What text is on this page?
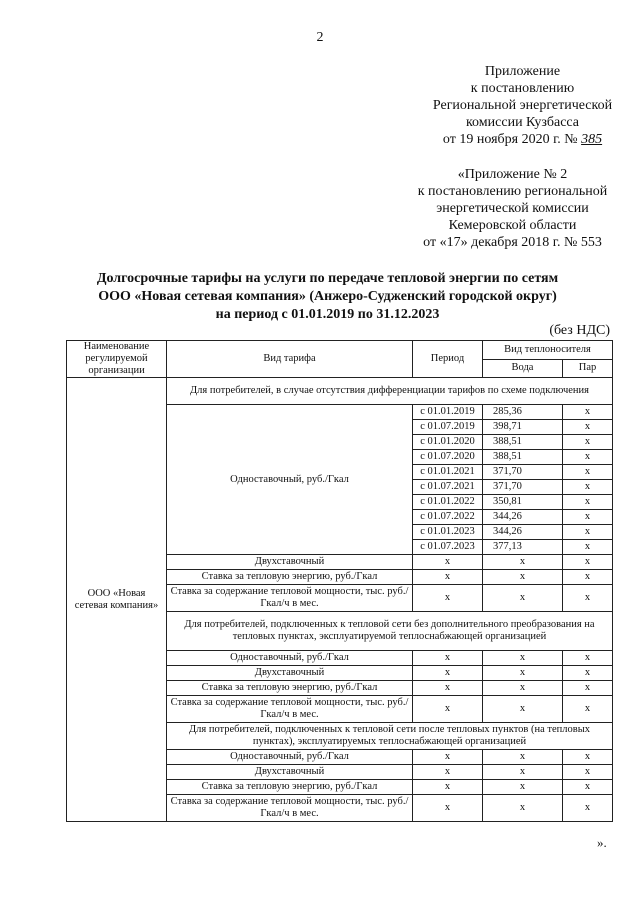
2
Приложение
к постановлению
Региональной энергетической
комиссии Кузбасса
от 19 ноября 2020 г. № 385
«Приложение № 2
к постановлению региональной
энергетической комиссии
Кемеровской области
от «17» декабря 2018 г. № 553
Долгосрочные тарифы на услуги по передаче тепловой энергии по сетям
ООО «Новая сетевая компания» (Анжеро-Судженский городской округ)
на период с 01.01.2019 по 31.12.2023
(без НДС)
Наименование регулируемой организации	Вид тарифа	Период	Вид теплоносителя	
			Вода	Пар
ООО «Новая сетевая компания»	Для потребителей, в случае отсутствия дифференциации тарифов по схеме подключения			
	Одноставочный, руб./Гкал	с 01.01.2019	285,36	х
		с 01.07.2019	398,71	х
		с 01.01.2020	388,51	х
		с 01.07.2020	388,51	х
		с 01.01.2021	371,70	х
		с 01.07.2021	371,70	х
		с 01.01.2022	350,81	х
		с 01.07.2022	344,26	х
		с 01.01.2023	344,26	х
		с 01.07.2023	377,13	х
	Двухставочный	х	х	х
	Ставка за тепловую энергию, руб./Гкал	х	х	х
	Ставка за содержание тепловой мощности, тыс. руб./Гкал/ч в мес.	х	х	х
	Для потребителей, подключенных к тепловой сети без дополнительного преобразования на тепловых пунктах, эксплуатируемой теплоснабжающей организацией			
	Одноставочный, руб./Гкал	х	х	х
	Двухставочный	х	х	х
	Ставка за тепловую энергию, руб./Гкал	х	х	х
	Ставка за содержание тепловой мощности, тыс. руб./Гкал/ч в мес.	х	х	х
	Для потребителей, подключенных к тепловой сети после тепловых пунктов (на тепловых пунктах), эксплуатируемых теплоснабжающей организацией			
	Одноставочный, руб./Гкал	х	х	х
	Двухставочный	х	х	х
	Ставка за тепловую энергию, руб./Гкал	х	х	х
	Ставка за содержание тепловой мощности, тыс. руб./Гкал/ч в мес.	х	х	х
».
